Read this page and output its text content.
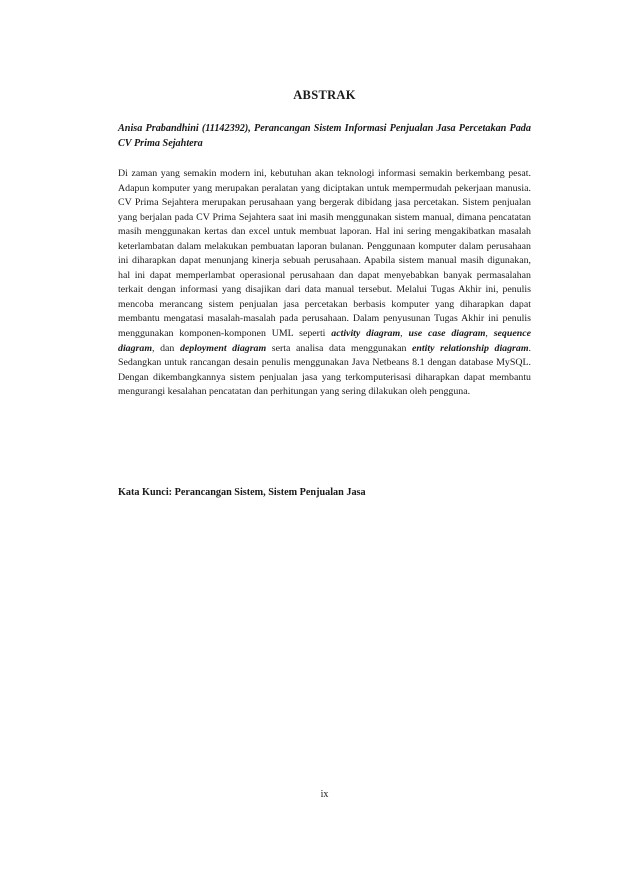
ABSTRAK

Anisa Prabandhini (11142392), Perancangan Sistem Informasi Penjualan Jasa Percetakan Pada CV Prima Sejahtera

Di zaman yang semakin modern ini, kebutuhan akan teknologi informasi semakin berkembang pesat. Adapun komputer yang merupakan peralatan yang diciptakan untuk mempermudah pekerjaan manusia. CV Prima Sejahtera merupakan perusahaan yang bergerak dibidang jasa percetakan. Sistem penjualan yang berjalan pada CV Prima Sejahtera saat ini masih menggunakan sistem manual, dimana pencatatan masih menggunakan kertas dan excel untuk membuat laporan. Hal ini sering mengakibatkan masalah keterlambatan dalam melakukan pembuatan laporan bulanan. Penggunaan komputer dalam perusahaan ini diharapkan dapat menunjang kinerja sebuah perusahaan. Apabila sistem manual masih digunakan, hal ini dapat memperlambat operasional perusahaan dan dapat menyebabkan banyak permasalahan terkait dengan informasi yang disajikan dari data manual tersebut. Melalui Tugas Akhir ini, penulis mencoba merancang sistem penjualan jasa percetakan berbasis komputer yang diharapkan dapat membantu mengatasi masalah-masalah pada perusahaan. Dalam penyusunan Tugas Akhir ini penulis menggunakan komponen-komponen UML seperti activity diagram, use case diagram, sequence diagram, dan deployment diagram serta analisa data menggunakan entity relationship diagram. Sedangkan untuk rancangan desain penulis menggunakan Java Netbeans 8.1 dengan database MySQL. Dengan dikembangkannya sistem penjualan jasa yang terkomputerisasi diharapkan dapat membantu mengurangi kesalahan pencatatan dan perhitungan yang sering dilakukan oleh pengguna.

Kata Kunci: Perancangan Sistem, Sistem Penjualan Jasa

ix
